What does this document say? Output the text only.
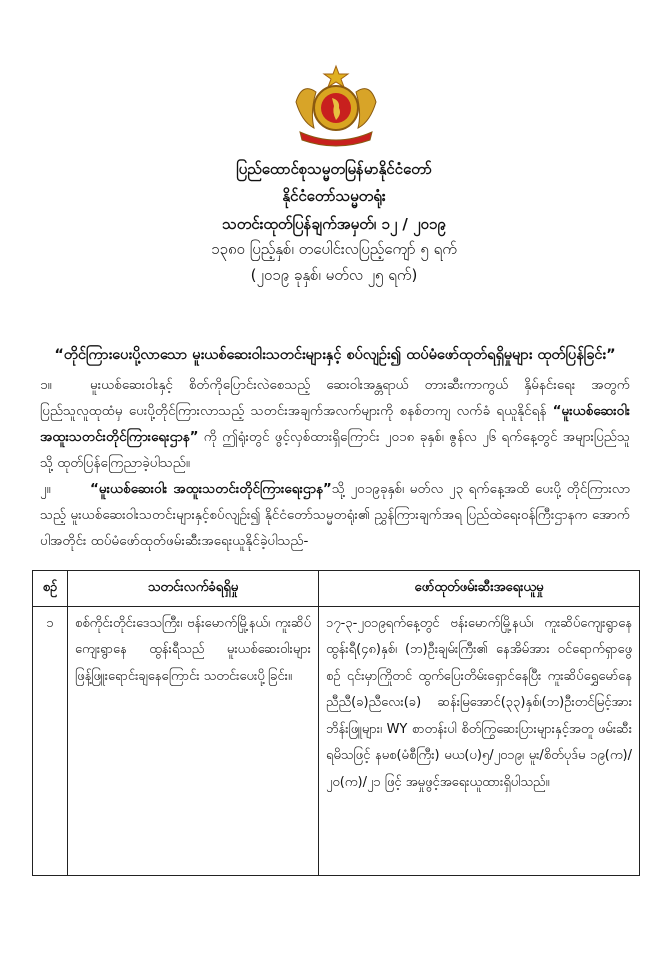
ပြည်ထောင်စုသမ္မတမြန်မာနိုင်ငံတော်
နိုင်ငံတော်သမ္မတရုံး
သတင်းထုတ်ပြန်ချက်အမှတ်၊ ၁၂ / ၂၀၁၉
၁၃၈၀ ပြည့်နှစ်၊ တပေါင်းလပြည့်ကျော် ၅ ရက်
(၂၀၁၉ ခုနှစ်၊ မတ်လ ၂၅ ရက်)
“တိုင်ကြားပေးပို့လာသော မူးယစ်ဆေးဝါးသတင်းများနှင့် စပ်လျဉ်း၍ ထပ်မံဖော်ထုတ်ရရှိမှုများ ထုတ်ပြန်ခြင်း”
၁။	မူးယစ်ဆေးဝါးနှင့် စိတ်ကိုပြောင်းလဲစေသည့် ဆေးဝါးအန္တရာယ် တားဆီးကာကွယ် နှိမ်နင်းရေး အတွက် ပြည်သူလူထုထံမှ ပေးပို့တိုင်ကြားလာသည့် သတင်းအချက်အလက်များကို စနစ်တကျ လက်ခံ ရယူနိုင်ရန် “မူးယစ်ဆေးဝါး အထူးသတင်းတိုင်ကြားရေးဌာန” ကို ဤရုံးတွင် ဖွင့်လှစ်ထားရှိကြောင်း ၂၀၁၈ ခုနှစ်၊ ဇွန်လ ၂၆ ရက်နေ့တွင် အများပြည်သူသို့ ထုတ်ပြန်ကြေညာခဲ့ပါသည်။
၂။	“မူးယစ်ဆေးဝါး အထူးသတင်းတိုင်ကြားရေးဌာန”သို့ ၂၀၁၉ခုနှစ်၊ မတ်လ ၂၃ ရက်နေ့အထိ ပေးပို့ တိုင်ကြားလာသည့် မူးယစ်ဆေးဝါးသတင်းများနှင့်စပ်လျဉ်း၍ နိုင်ငံတော်သမ္မတရုံး၏ ညွှန်ကြားချက်အရ ပြည်ထဲရေးဝန်ကြီးဌာနက အောက်ပါအတိုင်း ထပ်မံဖော်ထုတ်ဖမ်းဆီးအရေးယူနိုင်ခဲ့ပါသည်-
စဉ်	သတင်းလက်ခံရရှိမှု	ဖော်ထုတ်ဖမ်းဆီးအရေးယူမှု
၁	စစ်ကိုင်းတိုင်းဒေသကြီး၊ ဗန်းမောက်မြို့နယ်၊ ကူးဆိပ်ကျေးရွာနေ ထွန်းရီသည် မူးယစ်ဆေးဝါးများ ဖြန့်ဖြူးရောင်းချနေကြောင်း သတင်းပေးပို့ခြင်း။	၁၇-၃-၂၀၁၉ရက်နေ့တွင် ဗန်းမောက်မြို့နယ်၊ ကူးဆိပ်ကျေးရွာနေ ထွန်းရီ(၄၈)နှစ်၊ (ဘ)ဦးချမ်းကြီး၏ နေအိမ်အား ဝင်ရောက်ရှာဖွေစဉ် ၎င်းမှာကြိုတင် ထွက်ပြေးတိမ်းရှောင်နေပြီး ကူးဆိပ်ရွှေမော်နေ ညီညီ(ခ)ညီလေး(ခ) ဆန်းမြအောင်(၃၃)နှစ်၊(ဘ)ဦးတင်မြင့်အား ဘိန်းဖြူများ၊ WY စာတန်းပါ စိတ်ကြွဆေးပြားများနှင့်အတူ ဖမ်းဆီးရမိသဖြင့် နမစ(မံစီကြီး) မယ(ပ)၅/၂၀၁၉၊ မူး/စိတ်ပုဒ်မ ၁၉(က)/ ၂၀(က)/၂၁ ဖြင့် အမှုဖွင့်အရေးယူထားရှိပါသည်။
